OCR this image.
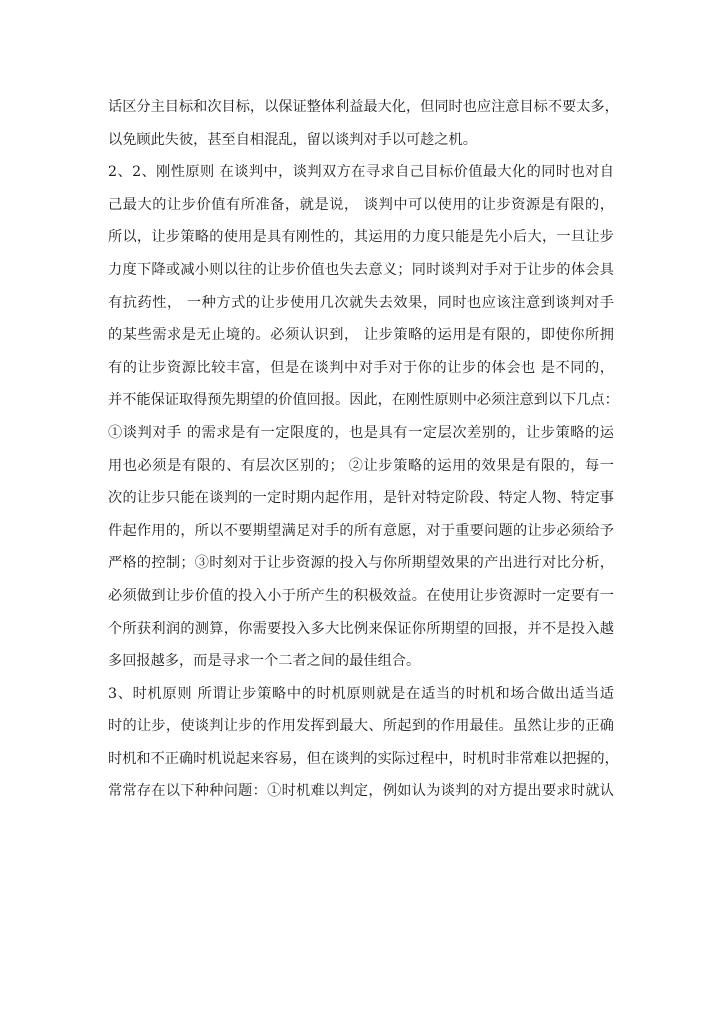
话区分主目标和次目标，以保证整体利益最大化，但同时也应注意目标不要太多，
以免顾此失彼，甚至自相混乱，留以谈判对手以可趁之机。
2、2、刚性原则 在谈判中，谈判双方在寻求自己目标价值最大化的同时也对自
己最大的让步价值有所准备，就是说， 谈判中可以使用的让步资源是有限的，
所以，让步策略的使用是具有刚性的，其运用的力度只能是先小后大，一旦让步
力度下降或减小则以往的让步价值也失去意义；同时谈判对手对于让步的体会具
有抗药性， 一种方式的让步使用几次就失去效果，同时也应该注意到谈判对手
的某些需求是无止境的。必须认识到， 让步策略的运用是有限的，即使你所拥
有的让步资源比较丰富，但是在谈判中对手对于你的让步的体会也 是不同的，
并不能保证取得预先期望的价值回报。因此，在刚性原则中必须注意到以下几点：
①谈判对手 的需求是有一定限度的，也是具有一定层次差别的，让步策略的运
用也必须是有限的、有层次区别的； ②让步策略的运用的效果是有限的，每一
次的让步只能在谈判的一定时期内起作用，是针对特定阶段、特定人物、特定事
件起作用的，所以不要期望满足对手的所有意愿，对于重要问题的让步必须给予
严格的控制；③时刻对于让步资源的投入与你所期望效果的产出进行对比分析，
必须做到让步价值的投入小于所产生的积极效益。在使用让步资源时一定要有一
个所获利润的测算，你需要投入多大比例来保证你所期望的回报，并不是投入越
多回报越多，而是寻求一个二者之间的最佳组合。
3、时机原则 所谓让步策略中的时机原则就是在适当的时机和场合做出适当适
时的让步，使谈判让步的作用发挥到最大、所起到的作用最佳。虽然让步的正确
时机和不正确时机说起来容易，但在谈判的实际过程中，时机时非常难以把握的，
常常存在以下种种问题：①时机难以判定，例如认为谈判的对方提出要求时就认
